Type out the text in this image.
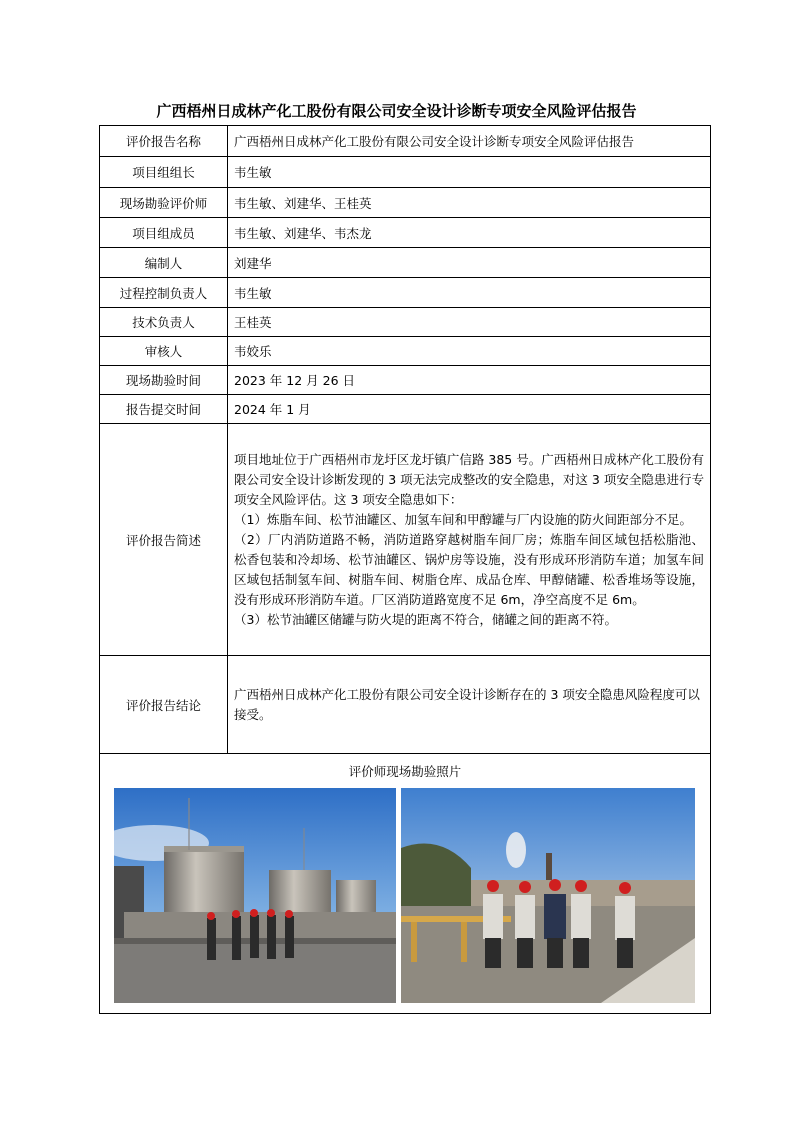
广西梧州日成林产化工股份有限公司安全设计诊断专项安全风险评估报告
评价报告名称	广西梧州日成林产化工股份有限公司安全设计诊断专项安全风险评估报告
项目组组长	韦生敏
现场勘验评价师	韦生敏、刘建华、王桂英
项目组成员	韦生敏、刘建华、韦杰龙
编制人	刘建华
过程控制负责人	韦生敏
技术负责人	王桂英
审核人	韦姣乐
现场勘验时间	2023 年 12 月 26 日
报告提交时间	2024 年 1 月
评价报告简述	项目地址位于广西梧州市龙圩区龙圩镇广信路 385 号。广西梧州日成林产化工股份有限公司安全设计诊断发现的 3 项无法完成整改的安全隐患，对这 3 项安全隐患进行专项安全风险评估。这 3 项安全隐患如下：
（1）炼脂车间、松节油罐区、加氢车间和甲醇罐与厂内设施的防火间距部分不足。
（2）厂内消防道路不畅，消防道路穿越树脂车间厂房；炼脂车间区域包括松脂池、松香包装和冷却场、松节油罐区、锅炉房等设施，没有形成环形消防车道；加氢车间区域包括制氢车间、树脂车间、树脂仓库、成品仓库、甲醇储罐、松香堆场等设施，没有形成环形消防车道。厂区消防道路宽度不足 6m，净空高度不足 6m。
（3）松节油罐区储罐与防火堤的距离不符合，储罐之间的距离不符。

评价报告结论	广西梧州日成林产化工股份有限公司安全设计诊断存在的 3 项安全隐患风险程度可以接受。

评价师现场勘验照片	
